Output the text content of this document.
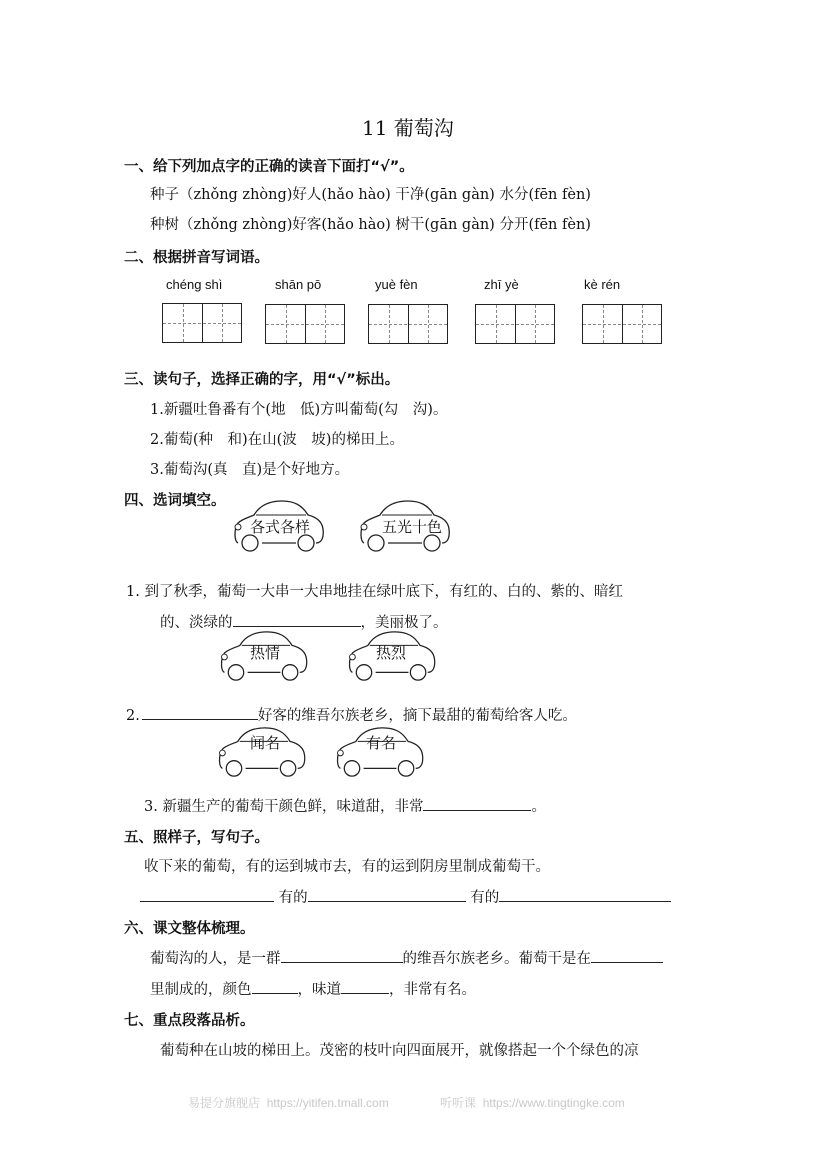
11 葡萄沟
一、给下列加点字的正确的读音下面打“√”。
种子（zhǒng zhòng)好人(hǎo hào) 干净(gān gàn) 水分(fēn fèn)
种树（zhǒng zhòng)好客(hǎo hào) 树干(gān gàn) 分开(fēn fèn)
二、根据拼音写词语。
chéng shì	shān pō	yuè fèn	zhī yè	kè rén
三、读句子，选择正确的字，用“√”标出。
1.新疆吐鲁番有个(地　低)方叫葡萄(勾　沟)。
2.葡萄(种　和)在山(波　坡)的梯田上。
3.葡萄沟(真　直)是个好地方。
四、选词填空。
各式各样	五光十色
1. 到了秋季，葡萄一大串一大串地挂在绿叶底下，有红的、白的、紫的、暗红
的、淡绿的	，美丽极了。
热情	热烈
2.	好客的维吾尔族老乡，摘下最甜的葡萄给客人吃。
闻名	有名
3. 新疆生产的葡萄干颜色鲜，味道甜，非常	。
五、照样子，写句子。
收下来的葡萄，有的运到城市去，有的运到阴房里制成葡萄干。
有的	有的
六、课文整体梳理。
葡萄沟的人，是一群	的维吾尔族老乡。葡萄干是在
里制成的，颜色	，味道	，非常有名。
七、重点段落品析。
葡萄种在山坡的梯田上。茂密的枝叶向四面展开，就像搭起一个个绿色的凉
易提分旗舰店 https://yitifen.tmall.com	听听课 https://www.tingtingke.com
